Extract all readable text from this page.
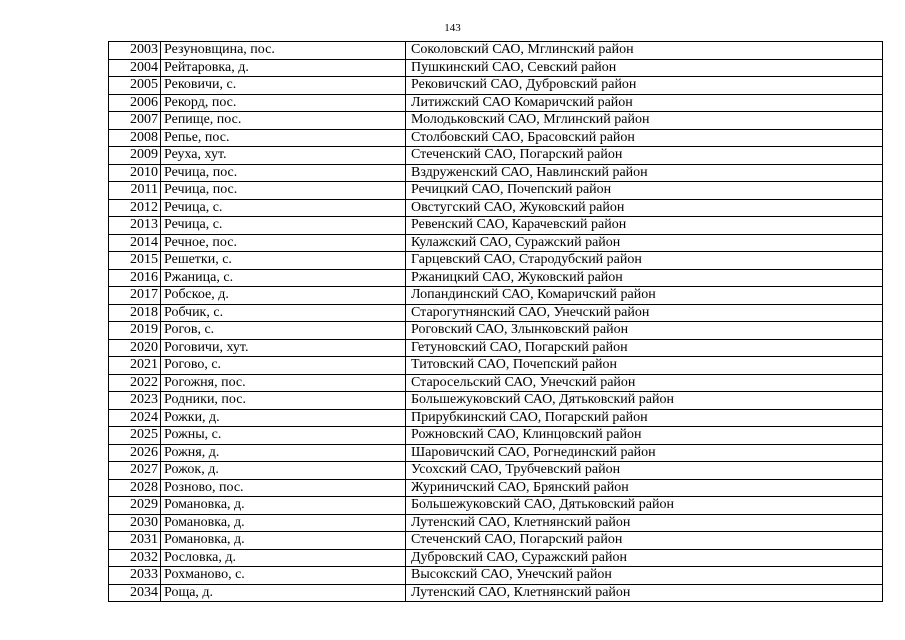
143
2003	Резуновщина, пос.	Соколовский САО, Мглинский район
2004	Рейтаровка, д.	Пушкинский САО, Севский район
2005	Рековичи, с.	Рековичский САО, Дубровский район
2006	Рекорд, пос.	Литижский САО Комаричский район
2007	Репище, пос.	Молодьковский САО, Мглинский район
2008	Репье, пос.	Столбовский САО, Брасовский район
2009	Реуха, хут.	Стеченский САО, Погарский район
2010	Речица, пос.	Вздруженский САО, Навлинский район
2011	Речица, пос.	Речицкий САО, Почепский район
2012	Речица, с.	Овстугский САО, Жуковский район
2013	Речица, с.	Ревенский САО, Карачевский район
2014	Речное, пос.	Кулажский САО, Суражский район
2015	Решетки, с.	Гарцевский САО, Стародубский район
2016	Ржаница, с.	Ржаницкий САО, Жуковский район
2017	Робское, д.	Лопандинский САО, Комаричский район
2018	Робчик, с.	Старогутнянский САО, Унечский район
2019	Рогов, с.	Роговский САО, Злынковский район
2020	Роговичи, хут.	Гетуновский САО, Погарский район
2021	Рогово, с.	Титовский САО, Почепский район
2022	Рогожня, пос.	Старосельский САО, Унечский район
2023	Родники, пос.	Большежуковский САО, Дятьковский район
2024	Рожки, д.	Прирубкинский САО, Погарский район
2025	Рожны, с.	Рожновский САО, Клинцовский район
2026	Рожня, д.	Шаровичский САО, Рогнединский район
2027	Рожок, д.	Усохский САО, Трубчевский район
2028	Розново, пос.	Журиничский САО, Брянский район
2029	Романовка, д.	Большежуковский САО, Дятьковский район
2030	Романовка, д.	Лутенский САО, Клетнянский район
2031	Романовка, д.	Стеченский САО, Погарский район
2032	Рословка, д.	Дубровский САО, Суражский район
2033	Рохманово, с.	Высокский САО, Унечский район
2034	Роща, д.	Лутенский САО, Клетнянский район
